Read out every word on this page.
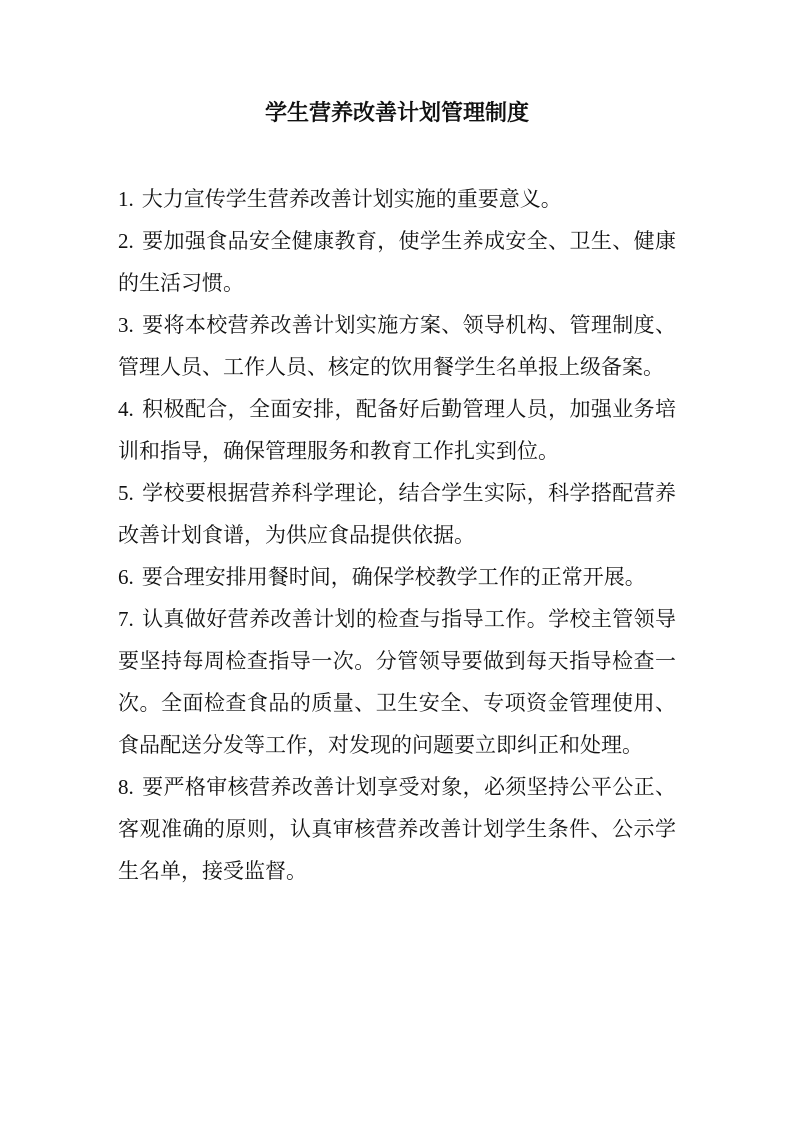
学生营养改善计划管理制度

1. 大力宣传学生营养改善计划实施的重要意义。

2. 要加强食品安全健康教育，使学生养成安全、卫生、健康的生活习惯。

3. 要将本校营养改善计划实施方案、领导机构、管理制度、管理人员、工作人员、核定的饮用餐学生名单报上级备案。

4. 积极配合，全面安排，配备好后勤管理人员，加强业务培训和指导，确保管理服务和教育工作扎实到位。

5. 学校要根据营养科学理论，结合学生实际，科学搭配营养改善计划食谱，为供应食品提供依据。

6. 要合理安排用餐时间，确保学校教学工作的正常开展。

7. 认真做好营养改善计划的检查与指导工作。学校主管领导要坚持每周检查指导一次。分管领导要做到每天指导检查一次。全面检查食品的质量、卫生安全、专项资金管理使用、食品配送分发等工作，对发现的问题要立即纠正和处理。

8. 要严格审核营养改善计划享受对象，必须坚持公平公正、客观准确的原则，认真审核营养改善计划学生条件、公示学生名单，接受监督。
